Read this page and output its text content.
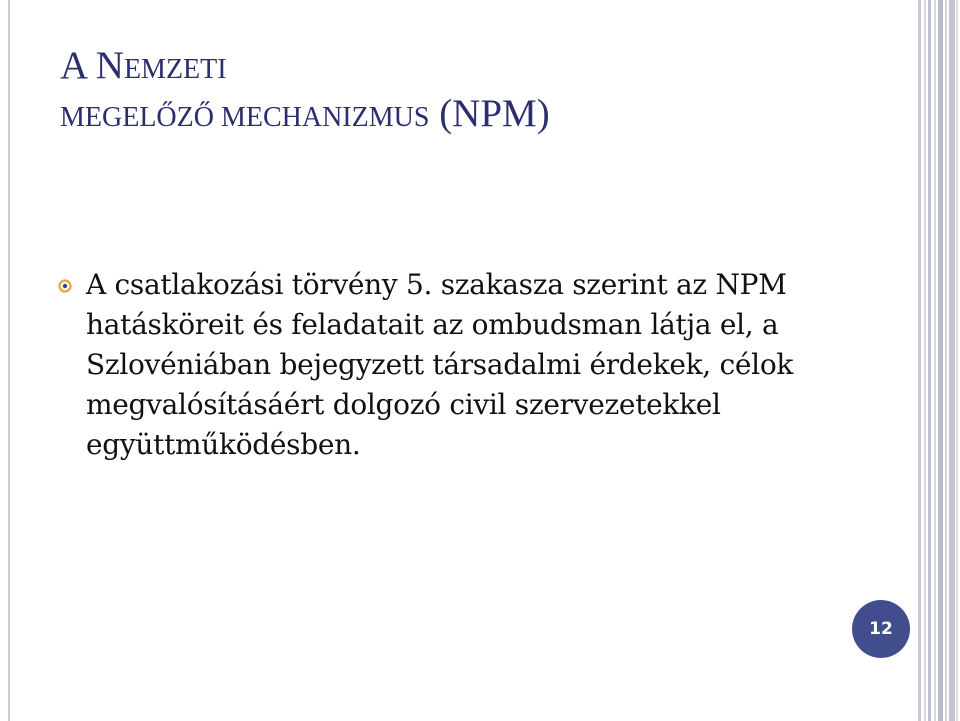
A NEMZETI
MEGELŐZŐ MECHANIZMUS (NPM)
A csatlakozási törvény 5. szakasza szerint az NPM hatásköreit és feladatait az ombudsman látja el, a Szlovéniában bejegyzett társadalmi érdekek, célok megvalósításáért dolgozó civil szervezetekkel együttműködésben.
12
